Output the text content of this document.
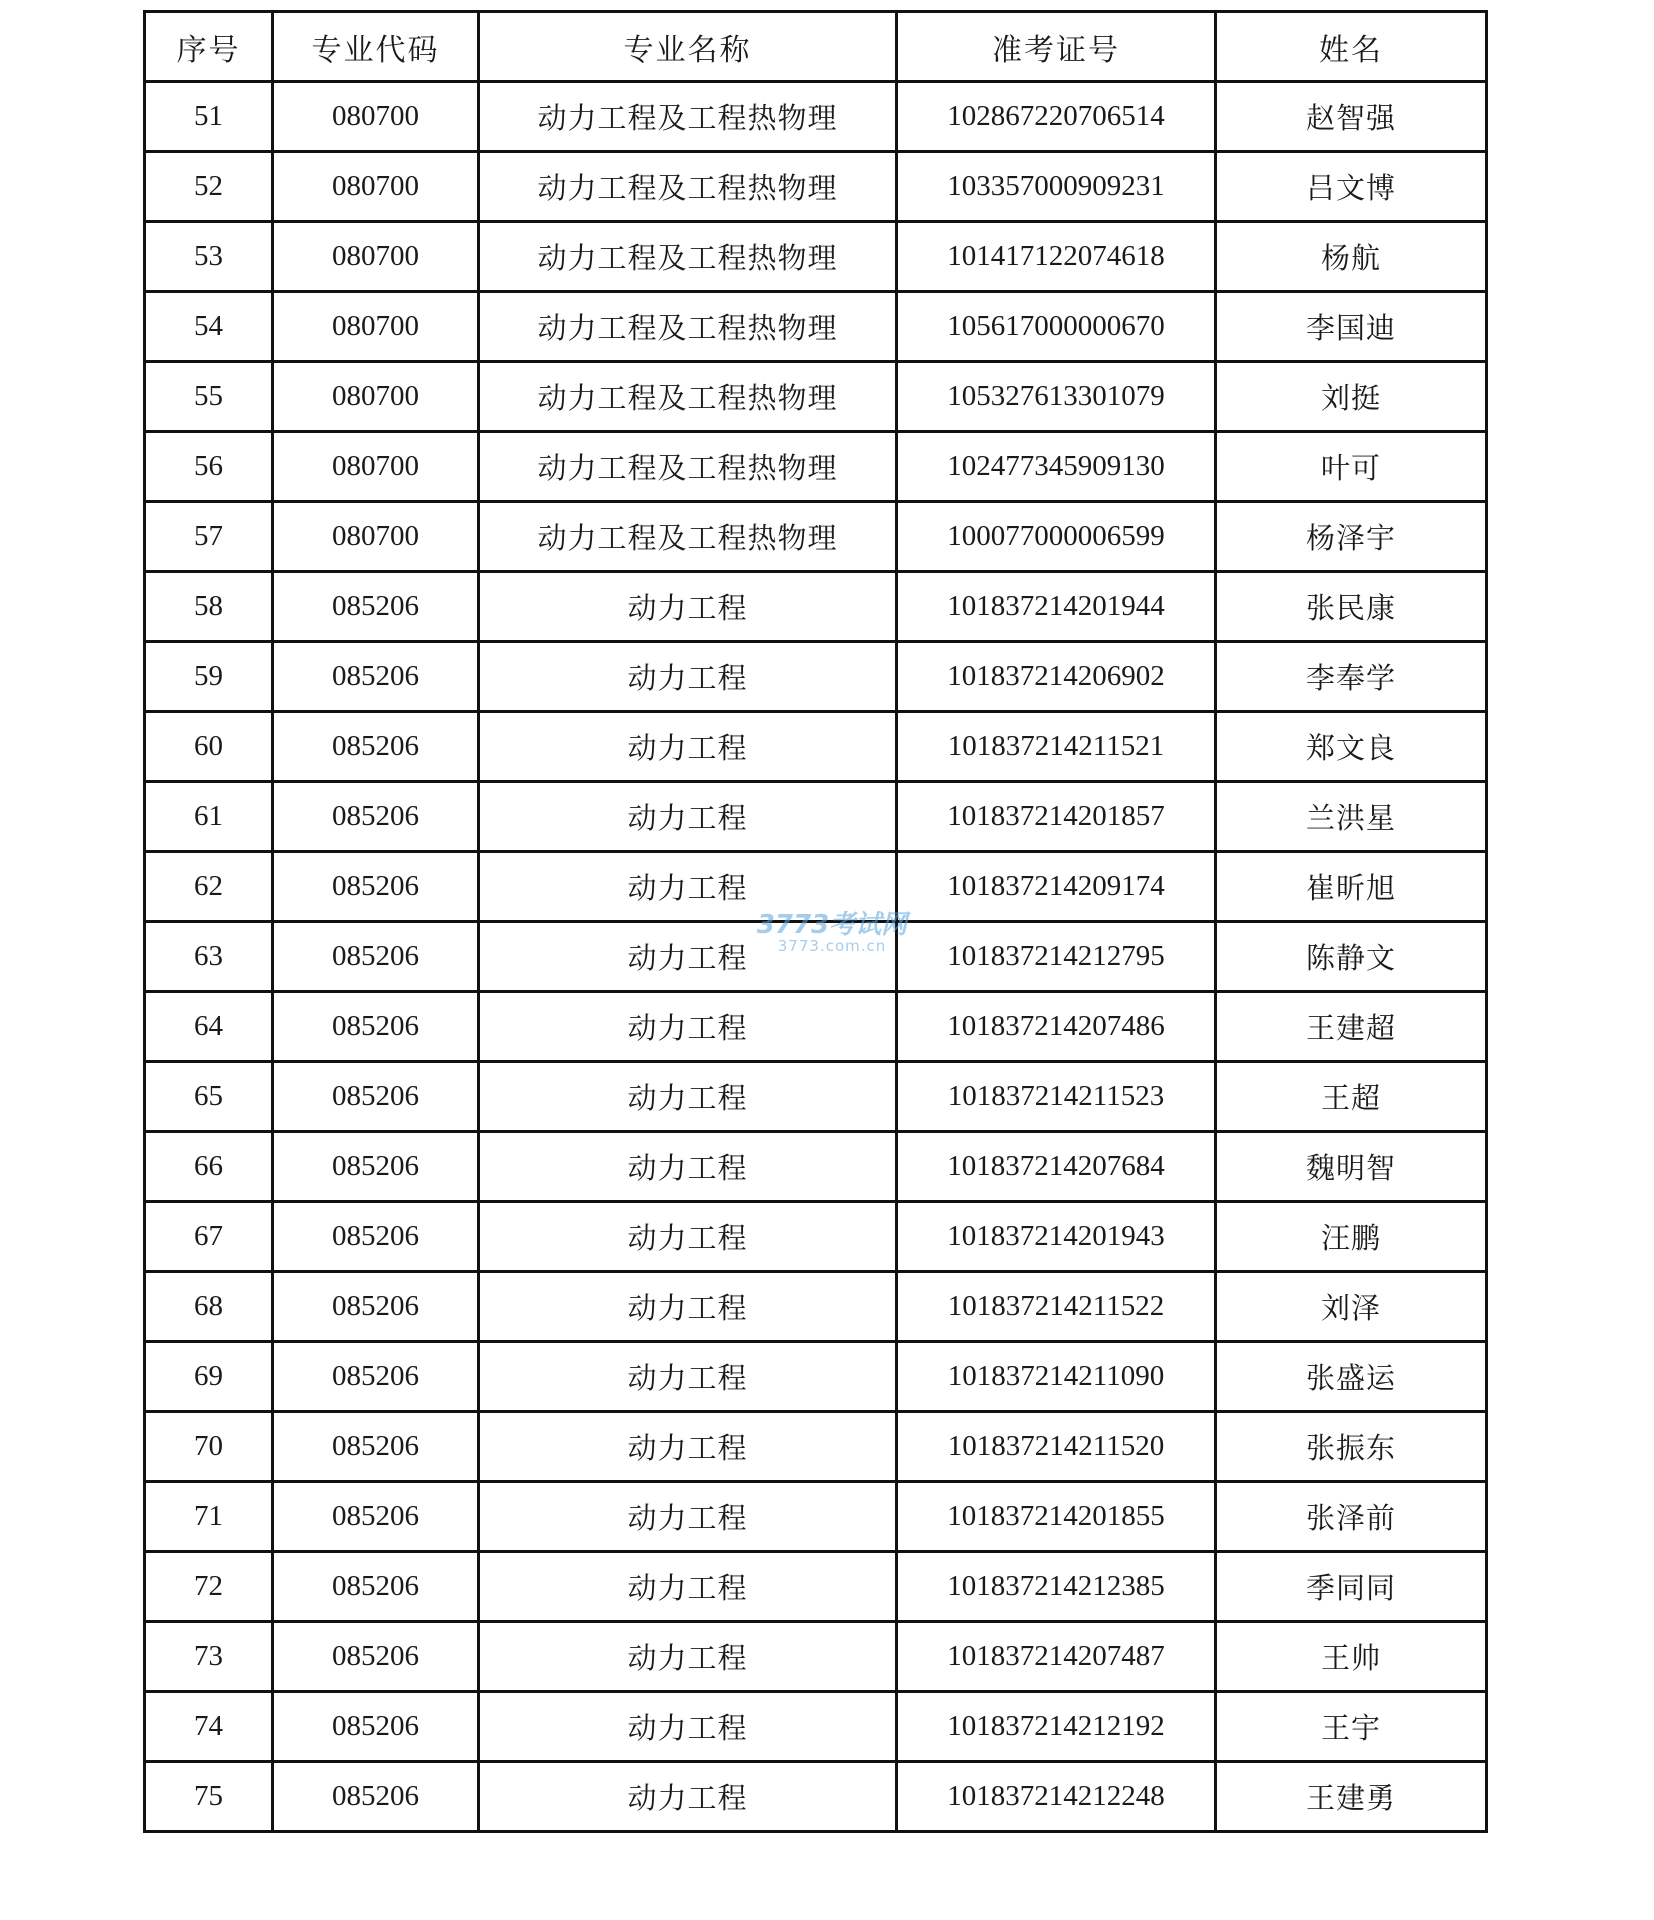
序号	专业代码	专业名称	准考证号	姓名
51	080700	动力工程及工程热物理	102867220706514	赵智强
52	080700	动力工程及工程热物理	103357000909231	吕文博
53	080700	动力工程及工程热物理	101417122074618	杨航
54	080700	动力工程及工程热物理	105617000000670	李国迪
55	080700	动力工程及工程热物理	105327613301079	刘挺
56	080700	动力工程及工程热物理	102477345909130	叶可
57	080700	动力工程及工程热物理	100077000006599	杨泽宇
58	085206	动力工程	101837214201944	张民康
59	085206	动力工程	101837214206902	李奉学
60	085206	动力工程	101837214211521	郑文良
61	085206	动力工程	101837214201857	兰洪星
62	085206	动力工程	101837214209174	崔昕旭
63	085206	动力工程	101837214212795	陈静文
64	085206	动力工程	101837214207486	王建超
65	085206	动力工程	101837214211523	王超
66	085206	动力工程	101837214207684	魏明智
67	085206	动力工程	101837214201943	汪鹏
68	085206	动力工程	101837214211522	刘泽
69	085206	动力工程	101837214211090	张盛运
70	085206	动力工程	101837214211520	张振东
71	085206	动力工程	101837214201855	张泽前
72	085206	动力工程	101837214212385	季同同
73	085206	动力工程	101837214207487	王帅
74	085206	动力工程	101837214212192	王宇
75	085206	动力工程	101837214212248	王建勇
3773考试网
3773.com.cn
